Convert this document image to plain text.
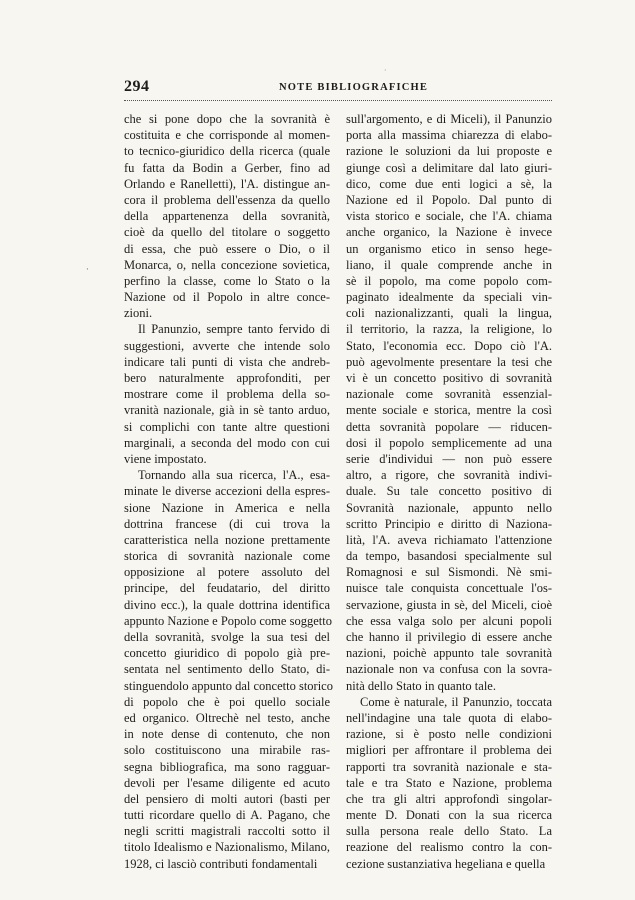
294	NOTE BIBLIOGRAFICHE
·
·
che si pone dopo che la sovranità è
costituita e che corrisponde al momen-
to tecnico-giuridico della ricerca (quale
fu fatta da Bodin a Gerber, fino ad
Orlando e Ranelletti), l'A. distingue an-
cora il problema dell'essenza da quello
della appartenenza della sovranità,
cioè da quello del titolare o soggetto
di essa, che può essere o Dio, o il
Monarca, o, nella concezione sovietica,
perfino la classe, come lo Stato o la
Nazione od il Popolo in altre conce-
zioni.
Il Panunzio, sempre tanto fervido di
suggestioni, avverte che intende solo
indicare tali punti di vista che andreb-
bero naturalmente approfonditi, per
mostrare come il problema della so-
vranità nazionale, già in sè tanto arduo,
si complichi con tante altre questioni
marginali, a seconda del modo con cui
viene impostato.
Tornando alla sua ricerca, l'A., esa-
minate le diverse accezioni della espres-
sione Nazione in America e nella
dottrina francese (di cui trova la
caratteristica nella nozione prettamente
storica di sovranità nazionale come
opposizione al potere assoluto del
principe, del feudatario, del diritto
divino ecc.), la quale dottrina identifica
appunto Nazione e Popolo come soggetto
della sovranità, svolge la sua tesi del
concetto giuridico di popolo già pre-
sentata nel sentimento dello Stato, di-
stinguendolo appunto dal concetto storico
di popolo che è poi quello sociale
ed organico. Oltrechè nel testo, anche
in note dense di contenuto, che non
solo costituiscono una mirabile ras-
segna bibliografica, ma sono ragguar-
devoli per l'esame diligente ed acuto
del pensiero di molti autori (basti per
tutti ricordare quello di A. Pagano, che
negli scritti magistrali raccolti sotto il
titolo Idealismo e Nazionalismo, Milano,
1928, ci lasciò contributi fondamentali
sull'argomento, e di Miceli), il Panunzio
porta alla massima chiarezza di elabo-
razione le soluzioni da lui proposte e
giunge così a delimitare dal lato giuri-
dico, come due enti logici a sè, la
Nazione ed il Popolo. Dal punto di
vista storico e sociale, che l'A. chiama
anche organico, la Nazione è invece
un organismo etico in senso hege-
liano, il quale comprende anche in
sè il popolo, ma come popolo com-
paginato idealmente da speciali vin-
coli nazionalizzanti, quali la lingua,
il territorio, la razza, la religione, lo
Stato, l'economia ecc. Dopo ciò l'A.
può agevolmente presentare la tesi che
vi è un concetto positivo di sovranità
nazionale come sovranità essenzial-
mente sociale e storica, mentre la così
detta sovranità popolare — riducen-
dosi il popolo semplicemente ad una
serie d'individui — non può essere
altro, a rigore, che sovranità indivi-
duale. Su tale concetto positivo di
Sovranità nazionale, appunto nello
scritto Principio e diritto di Naziona-
lità, l'A. aveva richiamato l'attenzione
da tempo, basandosi specialmente sul
Romagnosi e sul Sismondi. Nè smi-
nuisce tale conquista concettuale l'os-
servazione, giusta in sè, del Miceli, cioè
che essa valga solo per alcuni popoli
che hanno il privilegio di essere anche
nazioni, poichè appunto tale sovranità
nazionale non va confusa con la sovra-
nità dello Stato in quanto tale.
Come è naturale, il Panunzio, toccata
nell'indagine una tale quota di elabo-
razione, si è posto nelle condizioni
migliori per affrontare il problema dei
rapporti tra sovranità nazionale e sta-
tale e tra Stato e Nazione, problema
che tra gli altri approfondì singolar-
mente D. Donati con la sua ricerca
sulla persona reale dello Stato. La
reazione del realismo contro la con-
cezione sustanziativa hegeliana e quella
